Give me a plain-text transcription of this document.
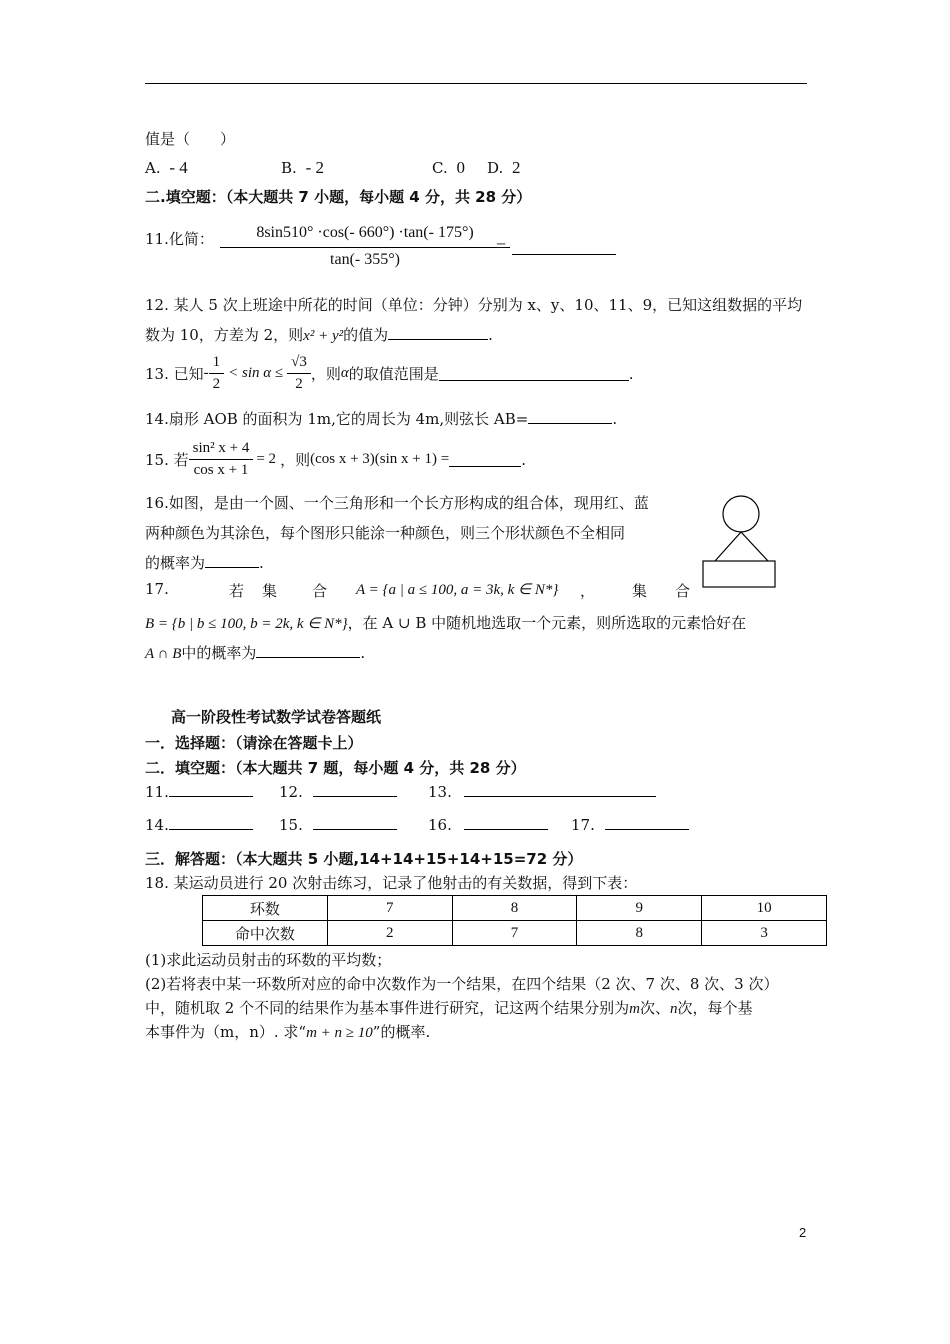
值是（　　）
A. - 4	B. - 2	C. 0 D. 2
二.填空题：（本大题共 7 小题，每小题 4 分，共 28 分）
11.化简：	8sin510° ·cos(- 660°) ·tan(- 175°)
tan(- 355°)
=
12. 某人 5 次上班途中所花的时间（单位：分钟）分别为 x、y、10、11、9，已知这组数据的平均
数为 10，方差为 2，则x² + y²的值为	.
13. 已知 - $\frac{1}{2} < \sin \alpha \le \frac{√3}{2}$ ，则 α 的取值范围是	.
14.扇形 AOB 的面积为 1m,它的周长为 4m,则弦长 AB=	.
15. 若 $\frac{\text{sin² x + 4}}{\text{cos x + 1}} = 2$ ，则 (cos x + 3)(sin x + 1) =	.
16.如图，是由一个圆、一个三角形和一个长方形构成的组合体，现用红、蓝
两种颜色为其涂色，每个图形只能涂一种颜色，则三个形状颜色不全相同
的概率为	.
17.	若 集 合 A = {a | a ≤ 100, a = 3k, k ∈ N*} ， 集 合
B = {b | b ≤ 100, b = 2k, k ∈ N*}，在 A ∪ B 中随机地选取一个元素，则所选取的元素恰好在
A ∩ B中的概率为	.
高一阶段性考试数学试卷答题纸
一．选择题：（请涂在答题卡上）
二．填空题：（本大题共 7 题，每小题 4 分，共 28 分）
11.	12.	13.
14.	15.	16.	17.
三．解答题：（本大题共 5 小题,14+14+15+14+15=72 分）
18. 某运动员进行 20 次射击练习，记录了他射击的有关数据，得到下表：
环数	7	8	9	10
命中次数	2	7	8	3
(1)求此运动员射击的环数的平均数；
(2)若将表中某一环数所对应的命中次数作为一个结果，在四个结果（2 次、7 次、8 次、3 次）
中，随机取 2 个不同的结果作为基本事件进行研究，记这两个结果分别为m次、n次，每个基
本事件为（m，n）. 求“m + n ≥ 10”的概率.
2
